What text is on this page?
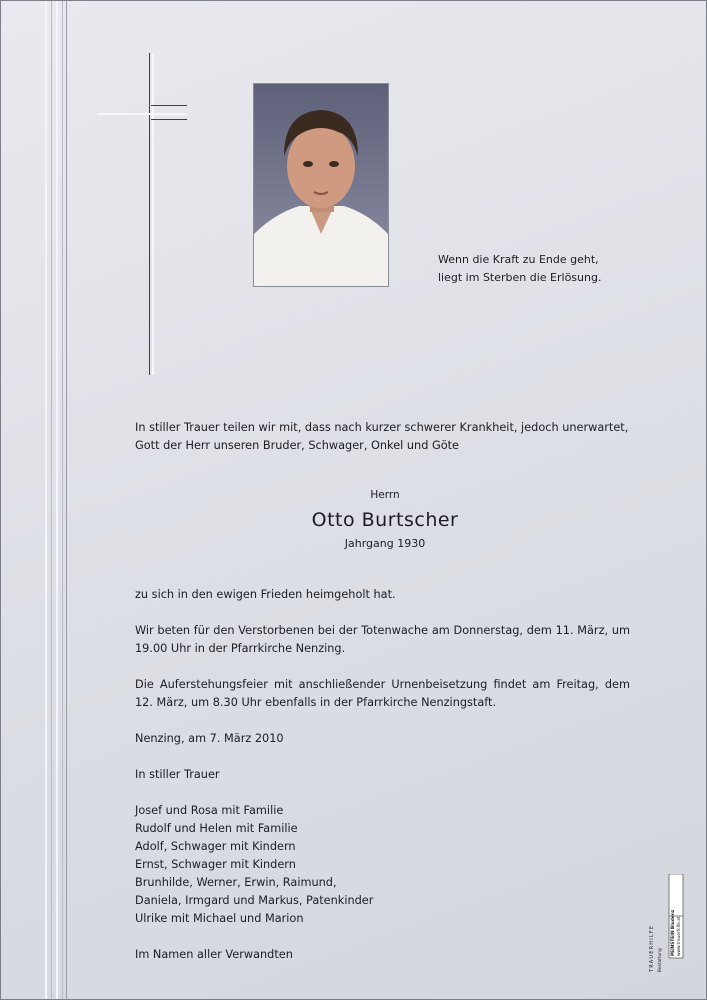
Wenn die Kraft zu Ende geht,
liegt im Sterben die Erlösung.
In stiller Trauer teilen wir mit, dass nach kurzer schwerer Krankheit, jedoch unerwartet, Gott der Herr unseren Bruder, Schwager, Onkel und Göte
Herrn
Otto Burtscher
Jahrgang 1930
zu sich in den ewigen Frieden heimgeholt hat.
Wir beten für den Verstorbenen bei der Totenwache am Donnerstag, dem 11. März, um 19.00 Uhr in der Pfarrkirche Nenzing.
Die Auferstehungsfeier mit anschließender Urnenbeisetzung findet am Freitag, dem 12. März, um 8.30 Uhr ebenfalls in der Pfarrkirche Nenzingstaft.
Nenzing, am 7. März 2010
In stiller Trauer
Josef und Rosa mit Familie
Rudolf und Helen mit Familie
Adolf, Schwager mit Kindern
Ernst, Schwager mit Kindern
Brunhilde, Werner, Erwin, Raimund,
Daniela, Irmgard und Markus, Patenkinder
Ulrike mit Michael und Marion
Im Namen aller Verwandten	TRAUERHILFE Bestattung
PEINSTEIN Bludenz www.trauerhilfe.at
